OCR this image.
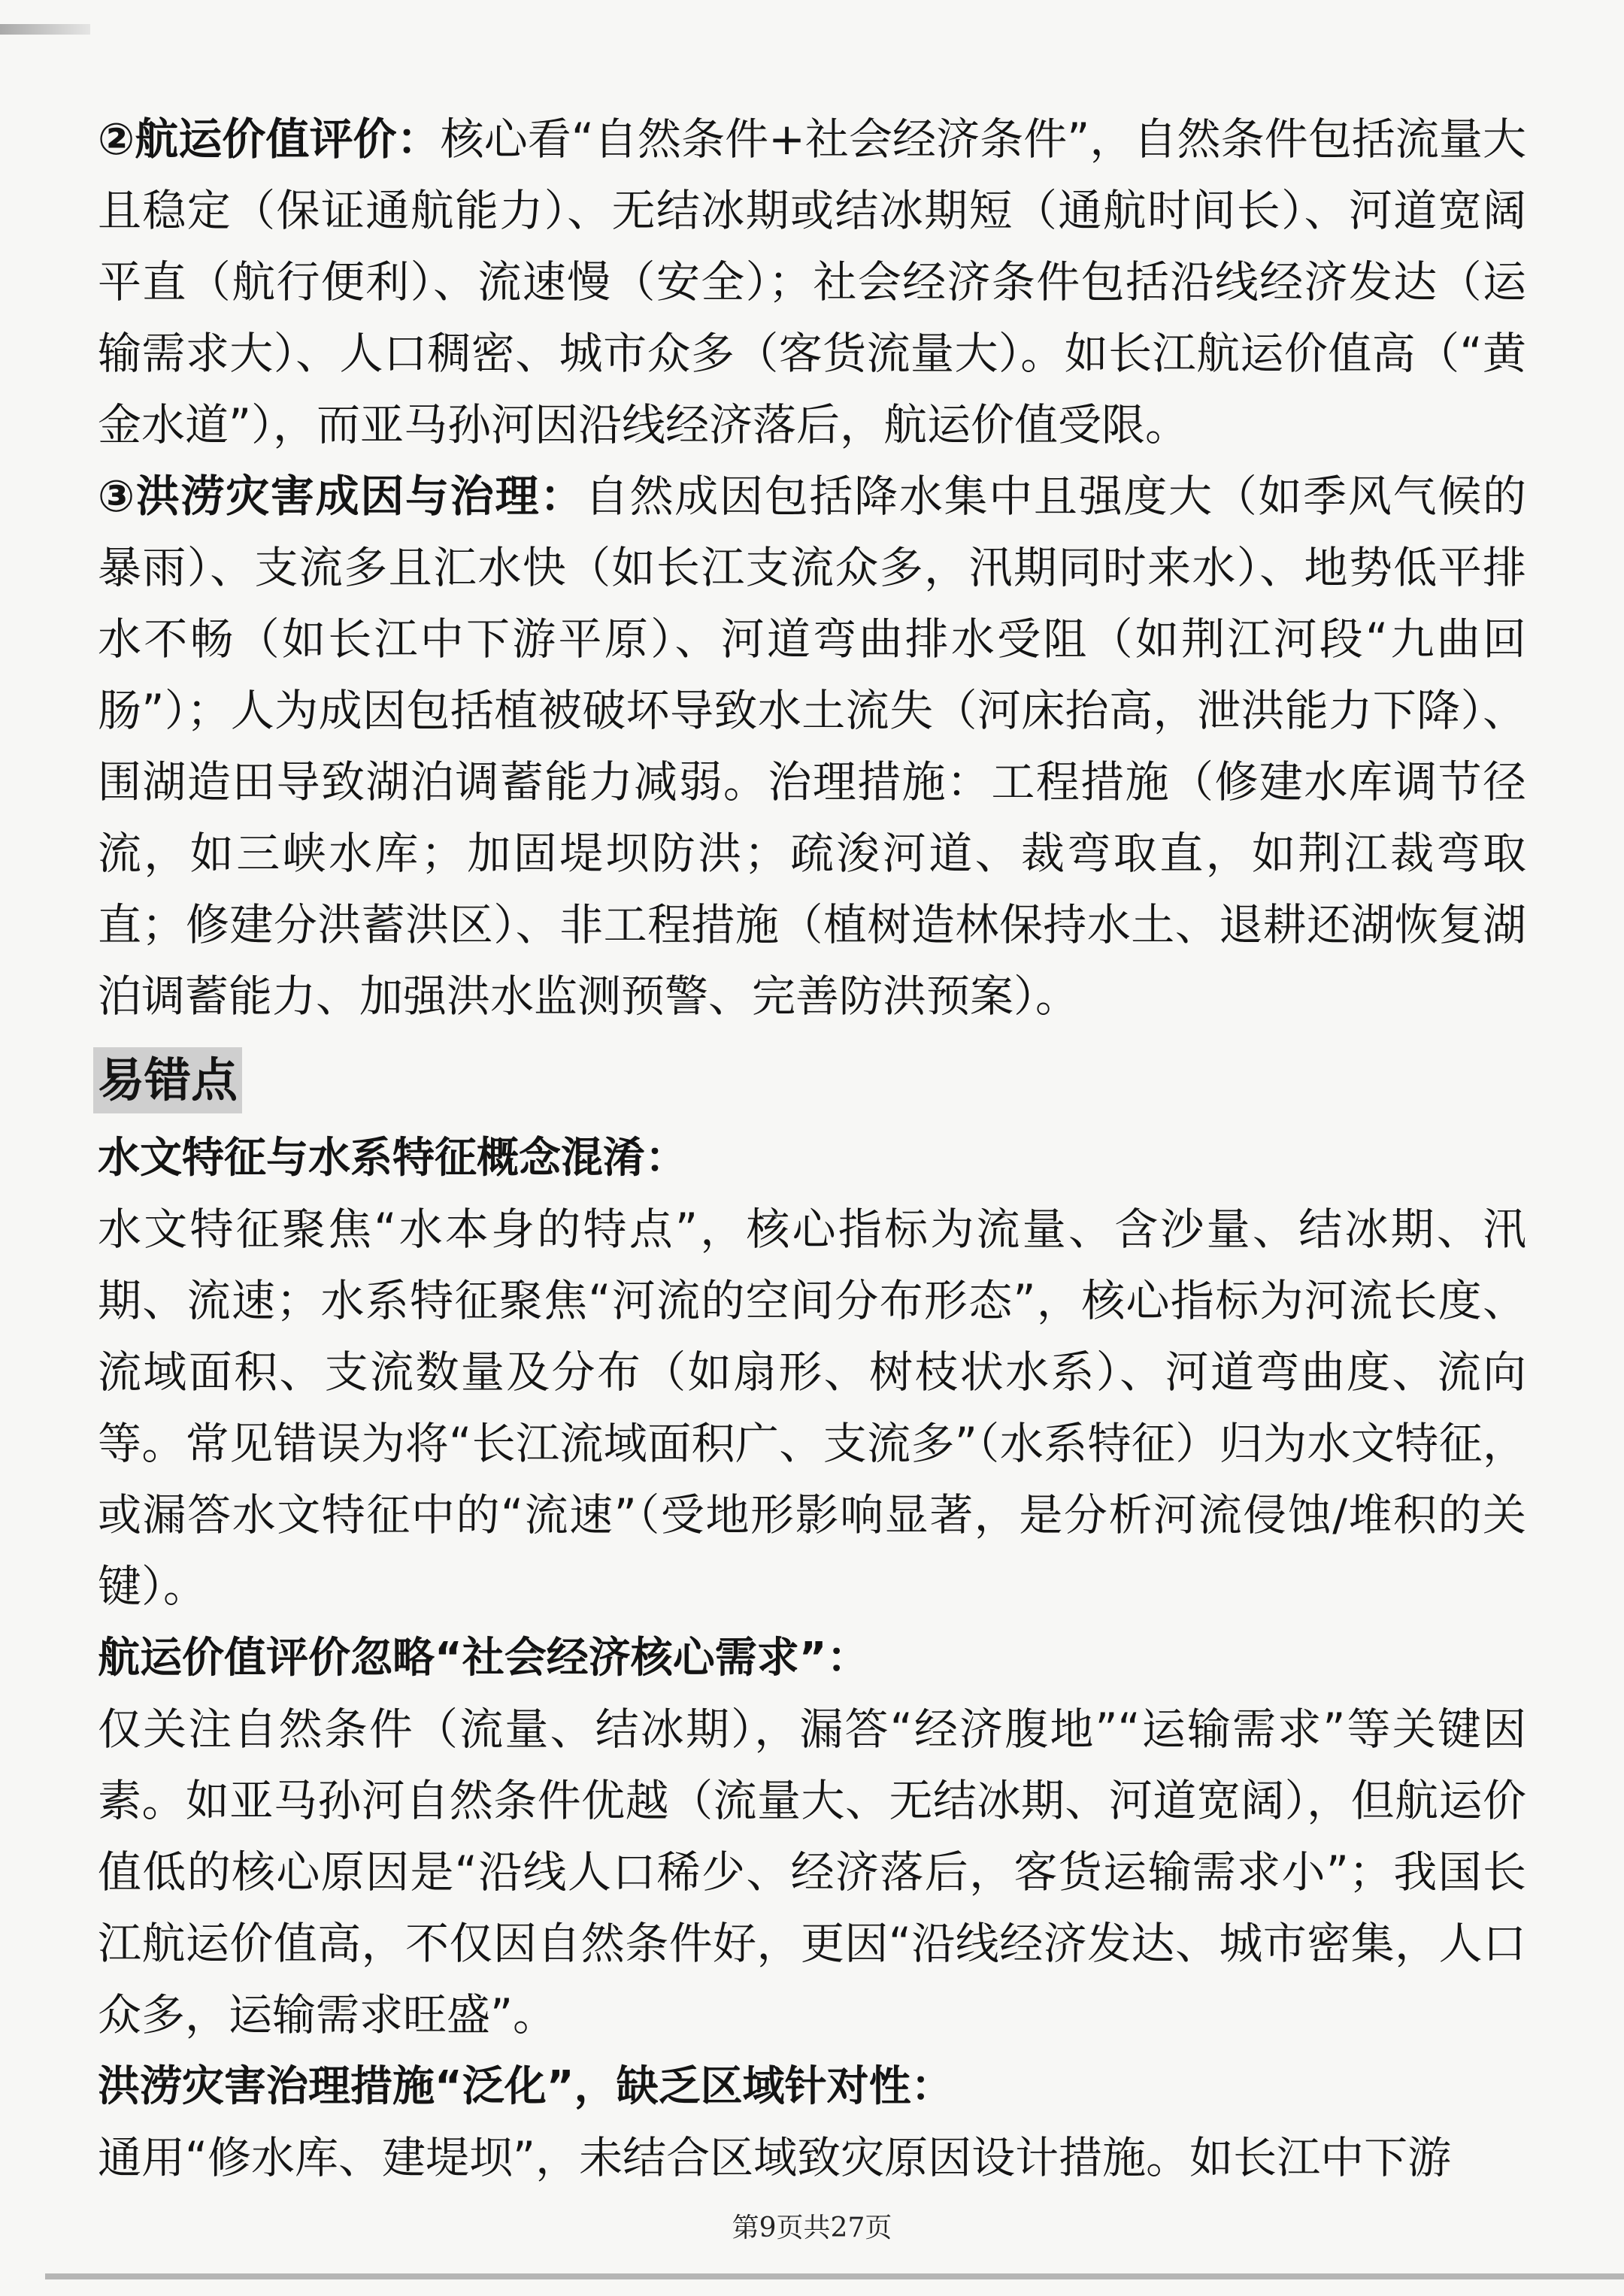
②航运价值评价：核心看“自然条件+社会经济条件”，自然条件包括流量大且稳定（保证通航能力）、无结冰期或结冰期短（通航时间长）、河道宽阔平直（航行便利）、流速慢（安全）；社会经济条件包括沿线经济发达（运输需求大）、人口稠密、城市众多（客货流量大）。如长江航运价值高（“黄金水道”），而亚马孙河因沿线经济落后，航运价值受限。

③洪涝灾害成因与治理：自然成因包括降水集中且强度大（如季风气候的暴雨）、支流多且汇水快（如长江支流众多，汛期同时来水）、地势低平排水不畅（如长江中下游平原）、河道弯曲排水受阻（如荆江河段“九曲回肠”）；人为成因包括植被破坏导致水土流失（河床抬高，泄洪能力下降）、围湖造田导致湖泊调蓄能力减弱。治理措施：工程措施（修建水库调节径流，如三峡水库；加固堤坝防洪；疏浚河道、裁弯取直，如荆江裁弯取直；修建分洪蓄洪区）、非工程措施（植树造林保持水土、退耕还湖恢复湖泊调蓄能力、加强洪水监测预警、完善防洪预案）。

易错点
水文特征与水系特征概念混淆：

水文特征聚焦“水本身的特点”，核心指标为流量、含沙量、结冰期、汛期、流速；水系特征聚焦“河流的空间分布形态”，核心指标为河流长度、流域面积、支流数量及分布（如扇形、树枝状水系）、河道弯曲度、流向等。常见错误为将“长江流域面积广、支流多”（水系特征）归为水文特征，或漏答水文特征中的“流速”（受地形影响显著，是分析河流侵蚀/堆积的关键）。

航运价值评价忽略“社会经济核心需求”：

仅关注自然条件（流量、结冰期），漏答“经济腹地”“运输需求”等关键因素。如亚马孙河自然条件优越（流量大、无结冰期、河道宽阔），但航运价值低的核心原因是“沿线人口稀少、经济落后，客货运输需求小”；我国长江航运价值高，不仅因自然条件好，更因“沿线经济发达、城市密集，人口众多，运输需求旺盛”。

洪涝灾害治理措施“泛化”，缺乏区域针对性：

通用“修水库、建堤坝”，未结合区域致灾原因设计措施。如长江中下游

第9页共27页
